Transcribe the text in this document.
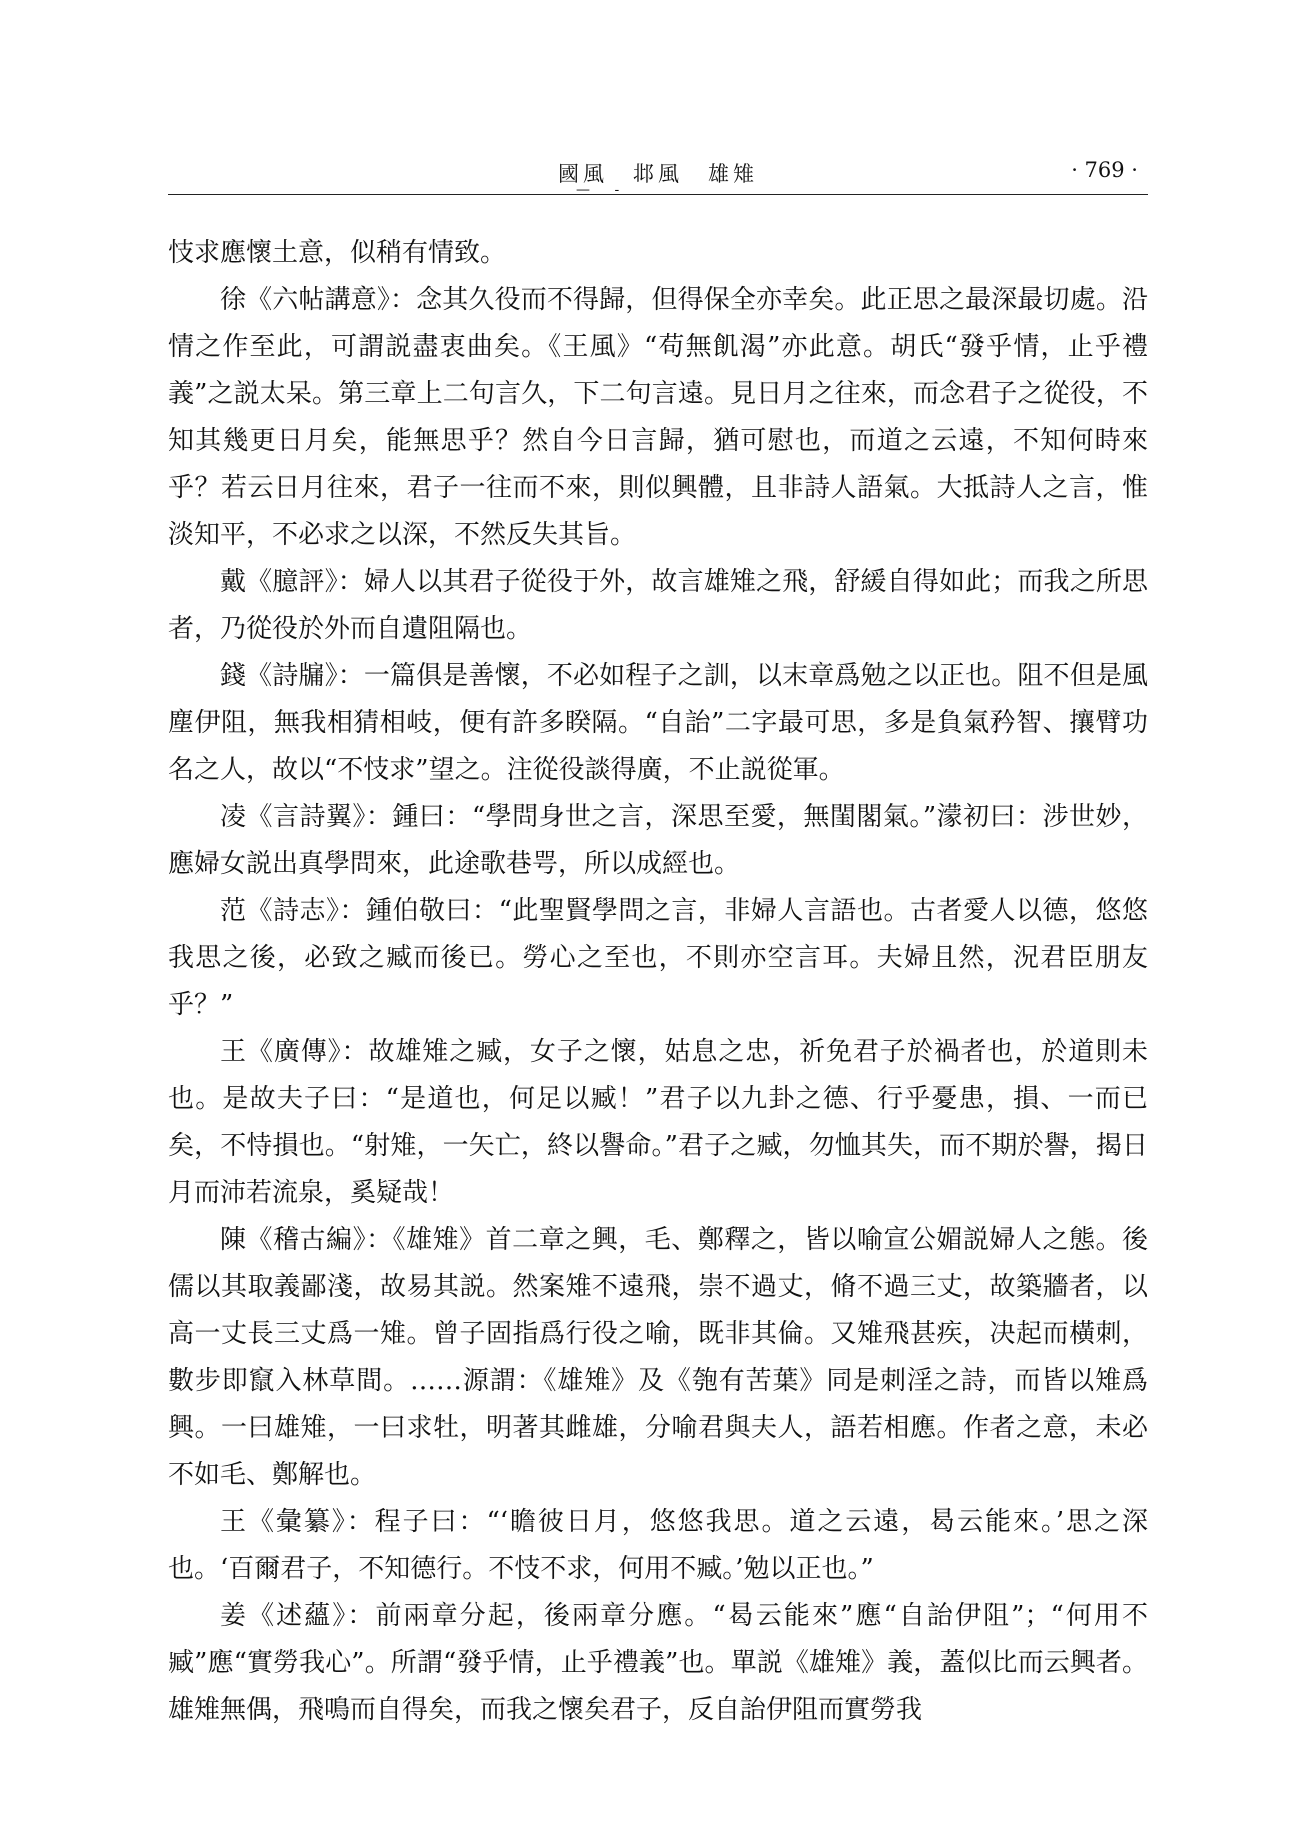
國風　邶風　雄雉
— -
· 769 ·

忮求應懷土意，似稍有情致。

徐《六帖講意》：念其久役而不得歸，但得保全亦幸矣。此正思之最深最切處。沿情之作至此，可謂説盡衷曲矣。《王風》“苟無飢渴”亦此意。胡氏“發乎情，止乎禮義”之説太呆。第三章上二句言久，下二句言遠。見日月之往來，而念君子之從役，不知其幾更日月矣，能無思乎？然自今日言歸，猶可慰也，而道之云遠，不知何時來乎？若云日月往來，君子一往而不來，則似興體，且非詩人語氣。大抵詩人之言，惟淡知平，不必求之以深，不然反失其旨。

戴《臆評》：婦人以其君子從役于外，故言雄雉之飛，舒緩自得如此；而我之所思者，乃從役於外而自遺阻隔也。

錢《詩牖》：一篇俱是善懷，不必如程子之訓，以末章爲勉之以正也。阻不但是風塵伊阻，無我相猜相岐，便有許多睽隔。“自詒”二字最可思，多是負氣矜智、攘臂功名之人，故以“不忮求”望之。注從役談得廣，不止説從軍。

凌《言詩翼》：鍾曰：“學問身世之言，深思至愛，無閨閣氣。”濛初曰：涉世妙，應婦女説出真學問來，此途歌巷咢，所以成經也。

范《詩志》：鍾伯敬曰：“此聖賢學問之言，非婦人言語也。古者愛人以德，悠悠我思之後，必致之臧而後已。勞心之至也，不則亦空言耳。夫婦且然，況君臣朋友乎？”

王《廣傳》：故雄雉之臧，女子之懷，姑息之忠，祈免君子於禍者也，於道則未也。是故夫子曰：“是道也，何足以臧！”君子以九卦之德、行乎憂患，損、一而已矣，不恃損也。“射雉，一矢亡，終以譽命。”君子之臧，勿恤其失，而不期於譽，揭日月而沛若流泉，奚疑哉！

陳《稽古編》：《雄雉》首二章之興，毛、鄭釋之，皆以喻宣公媚説婦人之態。後儒以其取義鄙淺，故易其説。然案雉不遠飛，崇不過丈，脩不過三丈，故築牆者，以高一丈長三丈爲一雉。曾子固指爲行役之喻，既非其倫。又雉飛甚疾，决起而橫刺，數步即竄入林草間。……源謂：《雄雉》及《匏有苦葉》同是刺淫之詩，而皆以雉爲興。一曰雄雉，一曰求牡，明著其雌雄，分喻君與夫人，語若相應。作者之意，未必不如毛、鄭解也。

王《彙纂》：程子曰：“‘瞻彼日月，悠悠我思。道之云遠，曷云能來。’思之深也。‘百爾君子，不知德行。不忮不求，何用不臧。’勉以正也。”

姜《述蘊》：前兩章分起，後兩章分應。“曷云能來”應“自詒伊阻”；“何用不臧”應“實勞我心”。所謂“發乎情，止乎禮義”也。單説《雄雉》義，蓋似比而云興者。雄雉無偶，飛鳴而自得矣，而我之懷矣君子，反自詒伊阻而實勞我
